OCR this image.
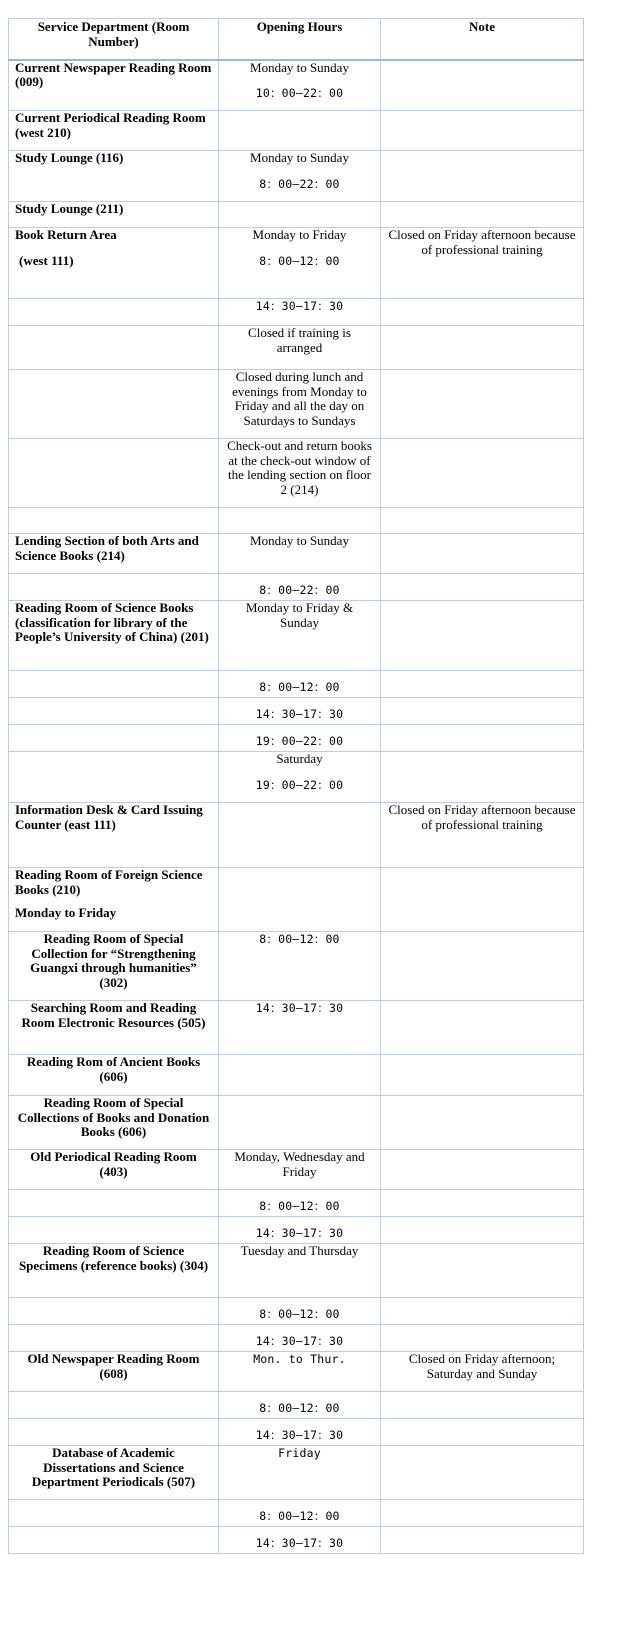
Service Department (Room Number)	Opening Hours	Note
Current Newspaper Reading Room (009)	Monday to Sunday
10：00—22：00	

Current Periodical Reading Room (west 210)		
Study Lounge (116)	Monday to Sunday
8：00—22：00	

Study Lounge (211)		

Book Return Area
(west 111)	Monday to Friday
8：00—12：00	Closed on Friday afternoon because of professional training

	14：30—17：30	

	Closed if training is arranged	
	Closed during lunch and evenings from Monday to Friday and all the day on Saturdays to Sundays	
	Check-out and return books at the check-out window of the lending section on floor 2 (214)	

Lending Section of both Arts and Science Books (214)	Monday to Sunday	

	8：00—22：00	

Reading Room of Science Books (classification for library of the People’s University of China) (201)	Monday to Friday & Sunday	

	8：00—12：00	

	14：30—17：30	

	19：00—22：00	

	Saturday
19：00—22：00	

Information Desk & Card Issuing Counter (east 111)		Closed on Friday afternoon because of professional training

Reading Room of Foreign Science Books (210)
Monday to Friday		

Reading Room of Special Collection for “Strengthening Guangxi through humanities” (302)	8：00—12：00	

Searching Room and Reading Room Electronic Resources (505)	14：30—17：30	

Reading Rom of Ancient Books (606)		
Reading Room of Special Collections of Books and Donation Books (606)		
Old Periodical Reading Room (403)	Monday, Wednesday and Friday	

	8：00—12：00	

	14：30—17：30	

Reading Room of Science Specimens (reference books) (304)	Tuesday and Thursday	

	8：00—12：00	

	14：30—17：30	

Old Newspaper Reading Room (608)	Mon. to Thur.	Closed on Friday afternoon; Saturday and Sunday

	8：00—12：00	

	14：30—17：30	

Database of Academic Dissertations and Science Department Periodicals (507)	Friday	

	8：00—12：00	

	14：30—17：30	
